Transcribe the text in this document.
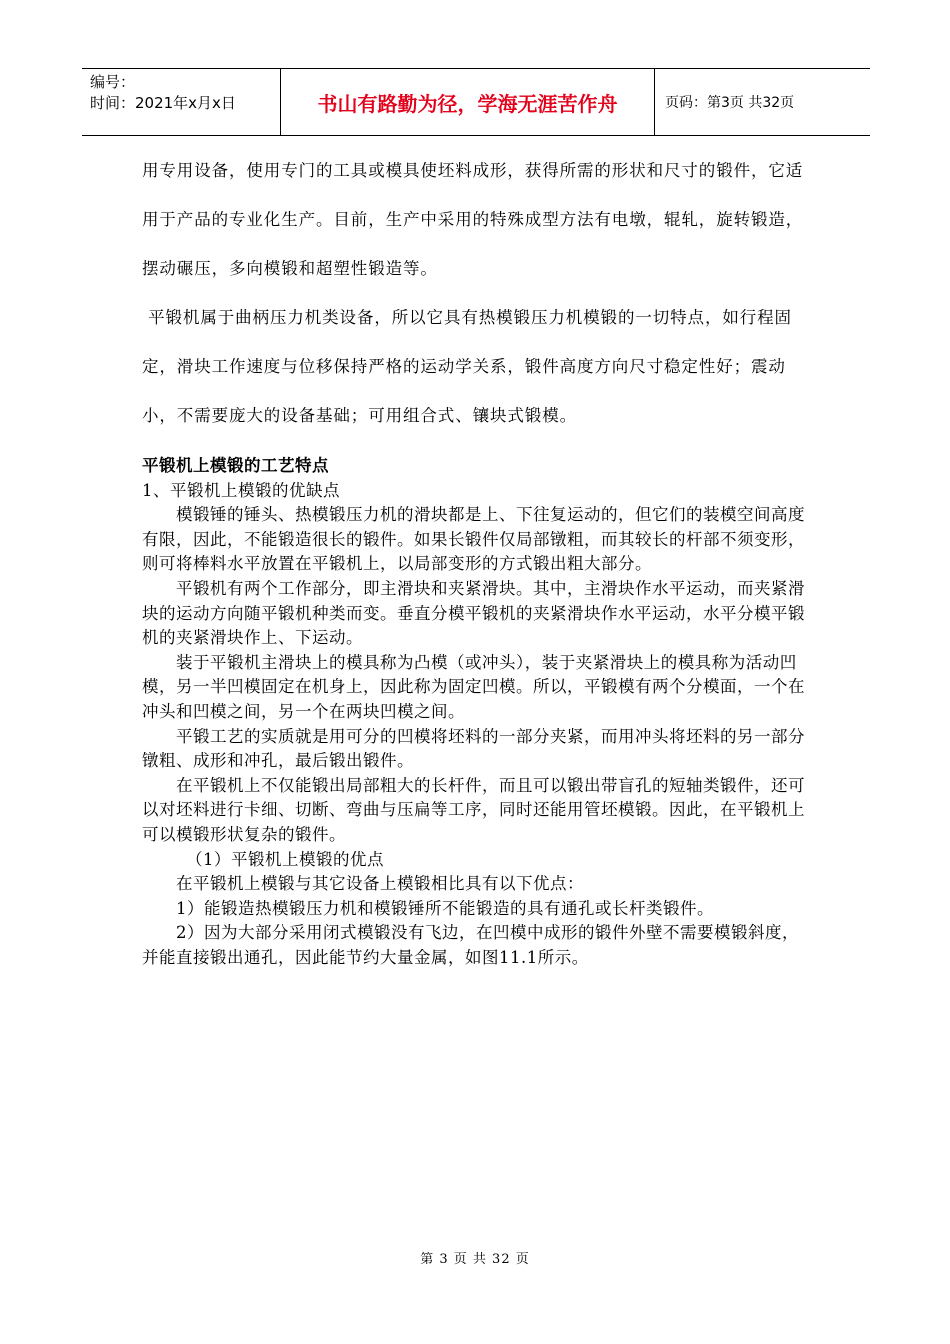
编号：
时间：2021年x月x日	书山有路勤为径，学海无涯苦作舟	页码：第3页 共32页

用专用设备，使用专门的工具或模具使坯料成形，获得所需的形状和尺寸的锻件，它适用于产品的专业化生产。目前，生产中采用的特殊成型方法有电墩，辊轧，旋转锻造，摆动碾压，多向模锻和超塑性锻造等。

平锻机属于曲柄压力机类设备，所以它具有热模锻压力机模锻的一切特点，如行程固定，滑块工作速度与位移保持严格的运动学关系，锻件高度方向尺寸稳定性好；震动小，不需要庞大的设备基础；可用组合式、镶块式锻模。

平锻机上模锻的工艺特点

1、平锻机上模锻的优缺点

模锻锤的锤头、热模锻压力机的滑块都是上、下往复运动的，但它们的装模空间高度有限，因此，不能锻造很长的锻件。如果长锻件仅局部镦粗，而其较长的杆部不须变形，则可将棒料水平放置在平锻机上，以局部变形的方式锻出粗大部分。

平锻机有两个工作部分，即主滑块和夹紧滑块。其中，主滑块作水平运动，而夹紧滑块的运动方向随平锻机种类而变。垂直分模平锻机的夹紧滑块作水平运动，水平分模平锻机的夹紧滑块作上、下运动。

装于平锻机主滑块上的模具称为凸模（或冲头），装于夹紧滑块上的模具称为活动凹模，另一半凹模固定在机身上，因此称为固定凹模。所以，平锻模有两个分模面，一个在冲头和凹模之间，另一个在两块凹模之间。

平锻工艺的实质就是用可分的凹模将坯料的一部分夹紧，而用冲头将坯料的另一部分镦粗、成形和冲孔，最后锻出锻件。

在平锻机上不仅能锻出局部粗大的长杆件，而且可以锻出带盲孔的短轴类锻件，还可以对坯料进行卡细、切断、弯曲与压扁等工序，同时还能用管坯模锻。因此，在平锻机上可以模锻形状复杂的锻件。

（1）平锻机上模锻的优点

在平锻机上模锻与其它设备上模锻相比具有以下优点：

1）能锻造热模锻压力机和模锻锤所不能锻造的具有通孔或长杆类锻件。

2）因为大部分采用闭式模锻没有飞边，在凹模中成形的锻件外壁不需要模锻斜度，并能直接锻出通孔，因此能节约大量金属，如图11.1所示。

第 3 页 共 32 页
